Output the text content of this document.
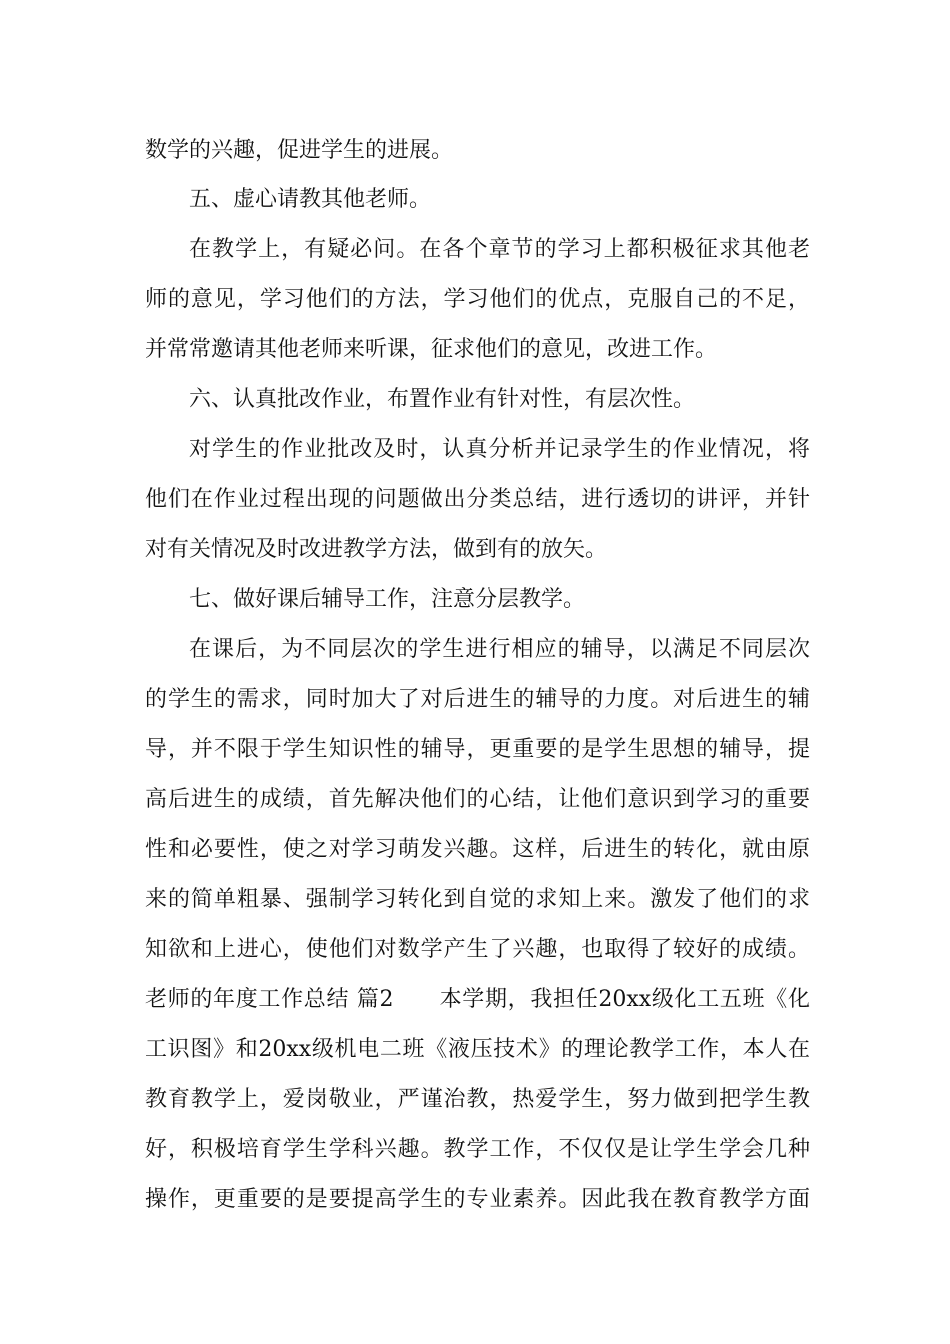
数学的兴趣，促进学生的进展。
五、虚心请教其他老师。
在教学上，有疑必问。在各个章节的学习上都积极征求其他老
师的意见，学习他们的方法，学习他们的优点，克服自己的不足，
并常常邀请其他老师来听课，征求他们的意见，改进工作。
六、认真批改作业，布置作业有针对性，有层次性。
对学生的作业批改及时，认真分析并记录学生的作业情况，将
他们在作业过程出现的问题做出分类总结，进行透切的讲评，并针
对有关情况及时改进教学方法，做到有的放矢。
七、做好课后辅导工作，注意分层教学。
在课后，为不同层次的学生进行相应的辅导，以满足不同层次
的学生的需求，同时加大了对后进生的辅导的力度。对后进生的辅
导，并不限于学生知识性的辅导，更重要的是学生思想的辅导，提
高后进生的成绩，首先解决他们的心结，让他们意识到学习的重要
性和必要性，使之对学习萌发兴趣。这样，后进生的转化，就由原
来的简单粗暴、强制学习转化到自觉的求知上来。激发了他们的求
知欲和上进心，使他们对数学产生了兴趣，也取得了较好的成绩。
老师的年度工作总结 篇2　　本学期，我担任20xx级化工五班《化
工识图》和20xx级机电二班《液压技术》的理论教学工作，本人在
教育教学上，爱岗敬业，严谨治教，热爱学生，努力做到把学生教
好，积极培育学生学科兴趣。教学工作，不仅仅是让学生学会几种
操作，更重要的是要提高学生的专业素养。因此我在教育教学方面
